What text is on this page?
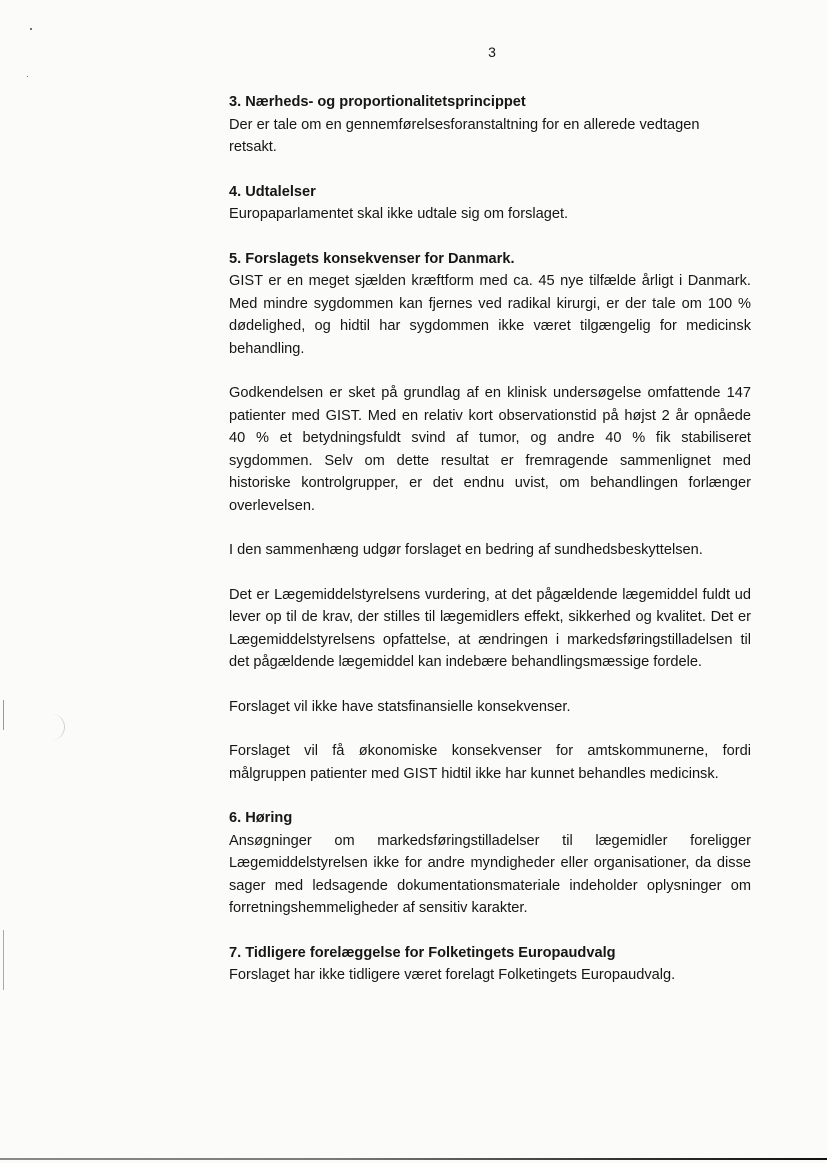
3
3. Nærheds- og proportionalitetsprincippet

Der er tale om en gennemførelsesforanstaltning for en allerede vedtagen retsakt.

4. Udtalelser

Europaparlamentet skal ikke udtale sig om forslaget.

5. Forslagets konsekvenser for Danmark.

GIST er en meget sjælden kræftform med ca. 45 nye tilfælde årligt i Danmark. Med mindre sygdommen kan fjernes ved radikal kirurgi, er der tale om 100 % dødelighed, og hidtil har sygdommen ikke været tilgængelig for medicinsk behandling.

Godkendelsen er sket på grundlag af en klinisk undersøgelse omfattende 147 patienter med GIST. Med en relativ kort observationstid på højst 2 år opnåede 40 % et betydningsfuldt svind af tumor, og andre 40 % fik stabiliseret sygdommen. Selv om dette resultat er fremragende sammenlignet med historiske kontrolgrupper, er det endnu uvist, om behandlingen forlænger overlevelsen.

I den sammenhæng udgør forslaget en bedring af sundhedsbeskyttelsen.

Det er Lægemiddelstyrelsens vurdering, at det pågældende lægemiddel fuldt ud lever op til de krav, der stilles til lægemidlers effekt, sikkerhed og kvalitet. Det er Lægemiddelstyrelsens opfattelse, at ændringen i markedsføringstilladelsen til det pågældende lægemiddel kan indebære behandlingsmæssige fordele.

Forslaget vil ikke have statsfinansielle konsekvenser.

Forslaget vil få økonomiske konsekvenser for amtskommunerne, fordi målgruppen patienter med GIST hidtil ikke har kunnet behandles medicinsk.

6. Høring

Ansøgninger om markedsføringstilladelser til lægemidler foreligger Lægemiddelstyrelsen ikke for andre myndigheder eller organisationer, da disse sager med ledsagende dokumentationsmateriale indeholder oplysninger om forretningshemmeligheder af sensitiv karakter.

7. Tidligere forelæggelse for Folketingets Europaudvalg

Forslaget har ikke tidligere været forelagt Folketingets Europaudvalg.
